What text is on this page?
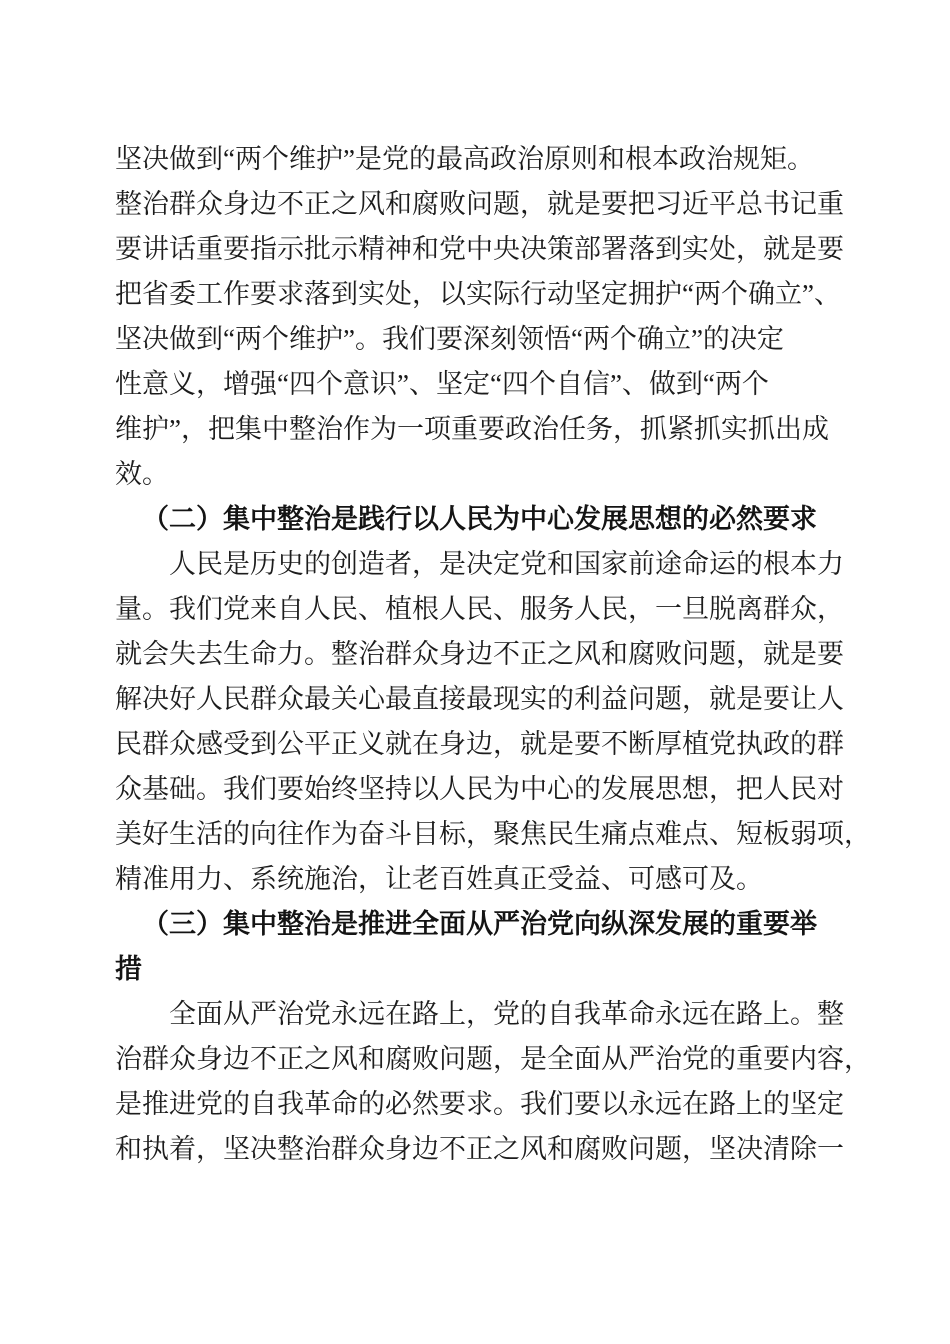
坚决做到“两个维护”是党的最高政治原则和根本政治规矩。
整治群众身边不正之风和腐败问题，就是要把习近平总书记重
要讲话重要指示批示精神和党中央决策部署落到实处，就是要
把省委工作要求落到实处，以实际行动坚定拥护“两个确立”、
坚决做到“两个维护”。我们要深刻领悟“两个确立”的决定
性意义，增强“四个意识”、坚定“四个自信”、做到“两个
维护”，把集中整治作为一项重要政治任务，抓紧抓实抓出成
效。
（二）集中整治是践行以人民为中心发展思想的必然要求
人民是历史的创造者，是决定党和国家前途命运的根本力
量。我们党来自人民、植根人民、服务人民，一旦脱离群众，
就会失去生命力。整治群众身边不正之风和腐败问题，就是要
解决好人民群众最关心最直接最现实的利益问题，就是要让人
民群众感受到公平正义就在身边，就是要不断厚植党执政的群
众基础。我们要始终坚持以人民为中心的发展思想，把人民对
美好生活的向往作为奋斗目标，聚焦民生痛点难点、短板弱项，
精准用力、系统施治，让老百姓真正受益、可感可及。
（三）集中整治是推进全面从严治党向纵深发展的重要举
措
全面从严治党永远在路上，党的自我革命永远在路上。整
治群众身边不正之风和腐败问题，是全面从严治党的重要内容，
是推进党的自我革命的必然要求。我们要以永远在路上的坚定
和执着，坚决整治群众身边不正之风和腐败问题，坚决清除一
